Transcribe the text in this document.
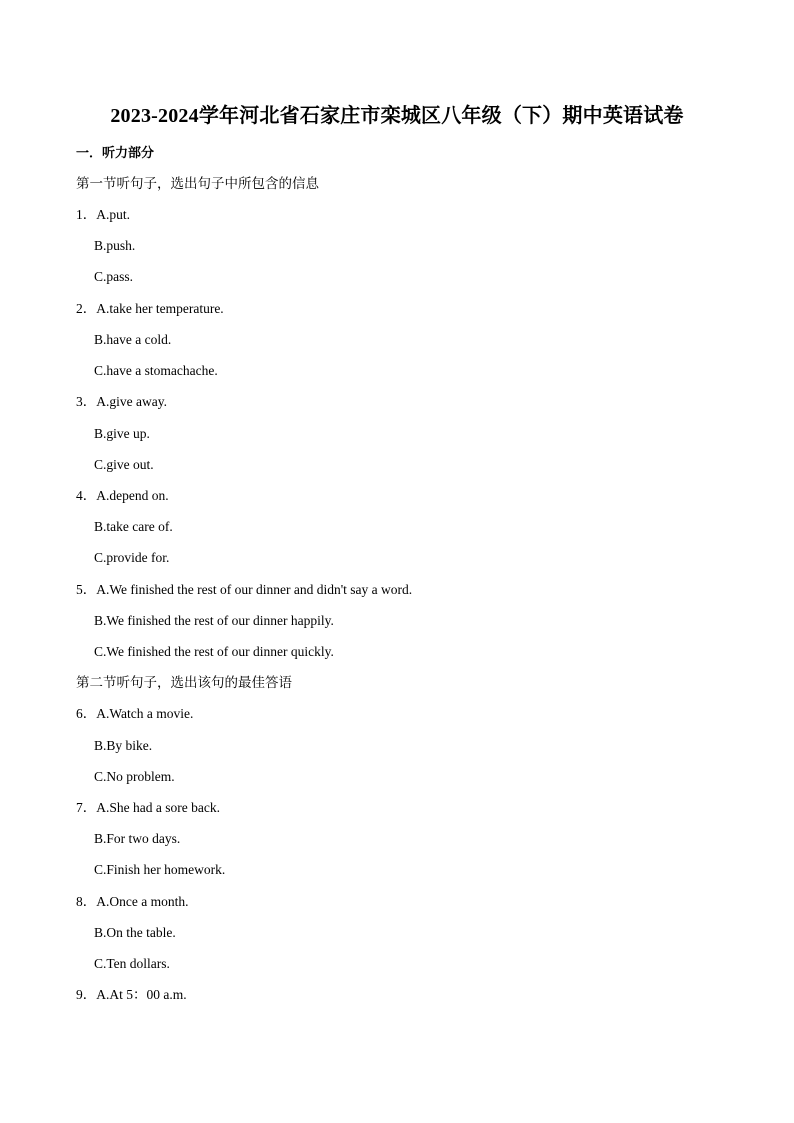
2023-2024学年河北省石家庄市栾城区八年级（下）期中英语试卷
一．听力部分
第一节听句子，选出句子中所包含的信息
1．A.put.
B.push.
C.pass.
2．A.take her temperature.
B.have a cold.
C.have a stomachache.
3．A.give away.
B.give up.
C.give out.
4．A.depend on.
B.take care of.
C.provide for.
5．A.We finished the rest of our dinner and didn't say a word.
B.We finished the rest of our dinner happily.
C.We finished the rest of our dinner quickly.
第二节听句子，选出该句的最佳答语
6．A.Watch a movie.
B.By bike.
C.No problem.
7．A.She had a sore back.
B.For two days.
C.Finish her homework.
8．A.Once a month.
B.On the table.
C.Ten dollars.
9．A.At 5：00 a.m.
